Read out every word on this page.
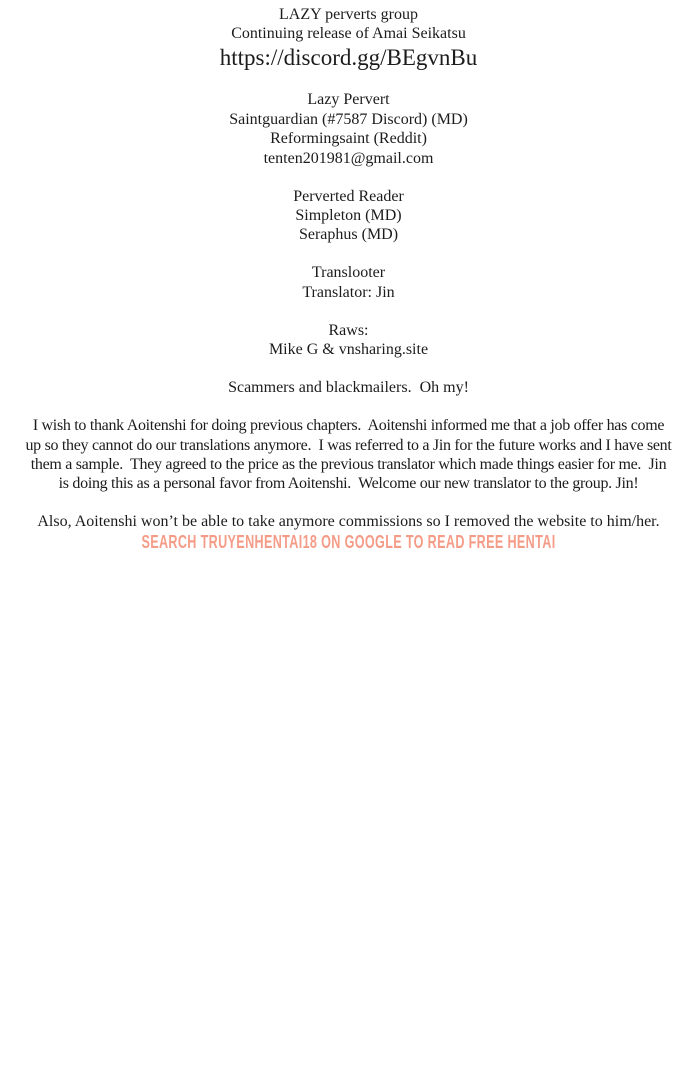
LAZY perverts group
Continuing release of Amai Seikatsu
https://discord.gg/BEgvnBu
Lazy Pervert
Saintguardian (#7587 Discord) (MD)
Reformingsaint (Reddit)
tenten201981@gmail.com
Perverted Reader
Simpleton (MD)
Seraphus (MD)
Translooter
Translator: Jin
Raws:
Mike G & vnsharing.site
Scammers and blackmailers.  Oh my!
I wish to thank Aoitenshi for doing previous chapters.  Aoitenshi informed me that a job offer has come
up so they cannot do our translations anymore.  I was referred to a Jin for the future works and I have sent
them a sample.  They agreed to the price as the previous translator which made things easier for me.  Jin
is doing this as a personal favor from Aoitenshi.  Welcome our new translator to the group. Jin!
Also, Aoitenshi won’t be able to take anymore commissions so I removed the website to him/her.
SEARCH TRUYENHENTAI18 ON GOOGLE TO READ FREE HENTAI
